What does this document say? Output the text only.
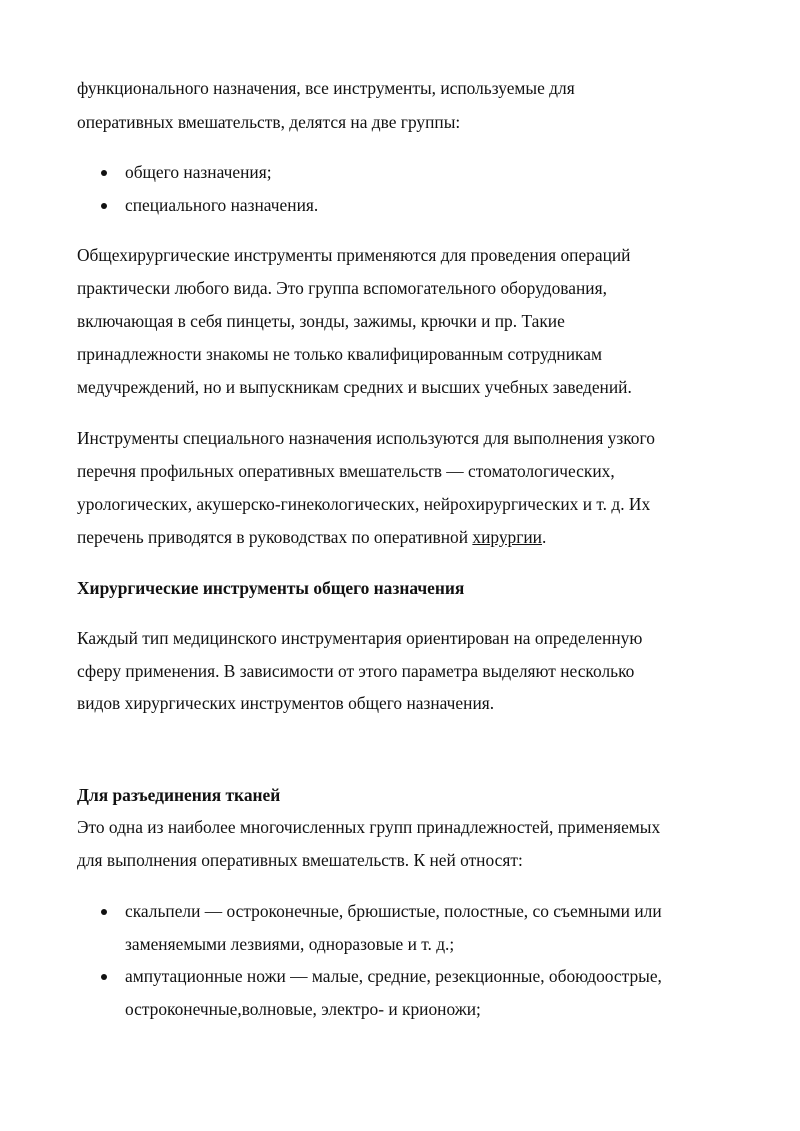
функционального назначения, все инструменты, используемые для
оперативных вмешательств, делятся на две группы:
общего назначения;
специального назначения.
Общехирургические инструменты применяются для проведения операций
практически любого вида. Это группа вспомогательного оборудования,
включающая в себя пинцеты, зонды, зажимы, крючки и пр. Такие
принадлежности знакомы не только квалифицированным сотрудникам
медучреждений, но и выпускникам средних и высших учебных заведений.
Инструменты специального назначения используются для выполнения узкого
перечня профильных оперативных вмешательств — стоматологических,
урологических, акушерско-гинекологических, нейрохирургических и т. д. Их
перечень приводятся в руководствах по оперативной хирургии.
Хирургические инструменты общего назначения
Каждый тип медицинского инструментария ориентирован на определенную
сферу применения. В зависимости от этого параметра выделяют несколько
видов хирургических инструментов общего назначения.
Для разъединения тканей
Это одна из наиболее многочисленных групп принадлежностей, применяемых
для выполнения оперативных вмешательств. К ней относят:
скальпели — остроконечные, брюшистые, полостные, со съемными или
заменяемыми лезвиями, одноразовые и т. д.;
ампутационные ножи — малые, средние, резекционные, обоюдоострые,
остроконечные,волновые, электро- и крионожи;
